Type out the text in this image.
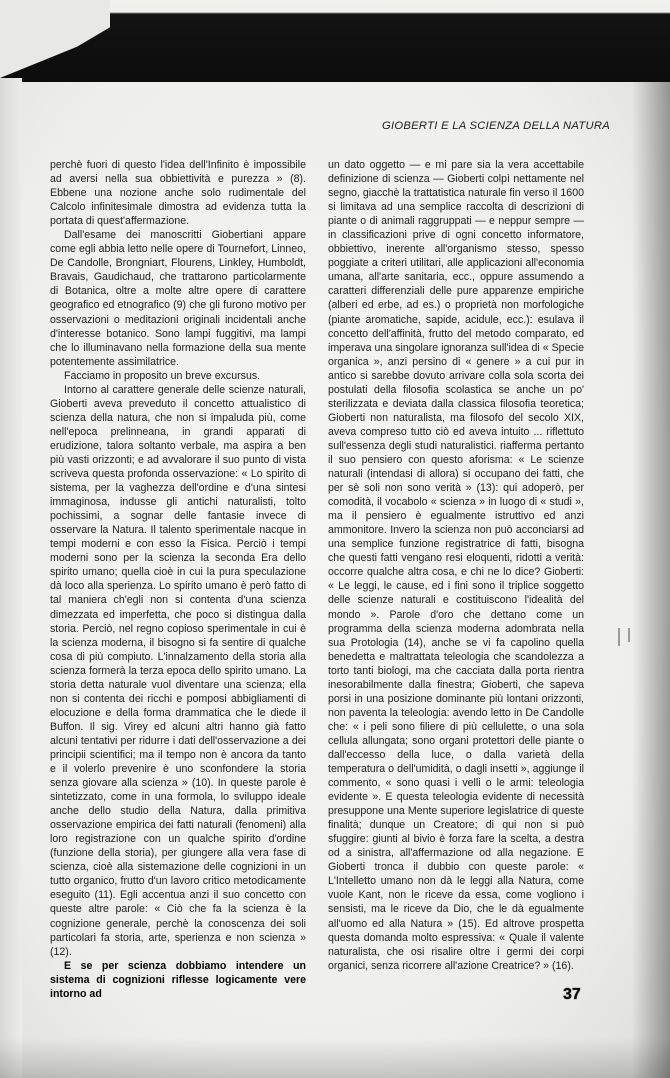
GIOBERTI E LA SCIENZA DELLA NATURA

perchè fuori di questo l'idea dell'Infinito è impossibile ad aversi nella sua obbiettività e purezza » (8). Ebbene una nozione anche solo rudimentale del Calcolo infinitesimale dimostra ad evidenza tutta la portata di quest'affermazione.

Dall'esame dei manoscritti Giobertiani appare come egli abbia letto nelle opere di Tournefort, Linneo, De Candolle, Brongniart, Flourens, Linkley, Humboldt, Bravais, Gaudichaud, che trattarono particolarmente di Botanica, oltre a molte altre opere di carattere geografico ed etnografico (9) che gli furono motivo per osservazioni o meditazioni originali incidentali anche d'interesse botanico. Sono lampi fuggitivi, ma lampi che lo illuminavano nella formazione della sua mente potentemente assimilatrice.

Facciamo in proposito un breve excursus.

Intorno al carattere generale delle scienze naturali, Gioberti aveva preveduto il concetto attualistico di scienza della natura, che non si impaluda più, come nell'epoca prelinneana, in grandi apparati di erudizione, talora soltanto verbale, ma aspira a ben più vasti orizzonti; e ad avvalorare il suo punto di vista scriveva questa profonda osservazione: « Lo spirito di sistema, per la vaghezza dell'ordine e d'una sintesi immaginosa, indusse gli antichi naturalisti, tolto pochissimi, a sognar delle fantasie invece di osservare la Natura. Il talento sperimentale nacque in tempi moderni e con esso la Fisica. Perciò i tempi moderni sono per la scienza la seconda Era dello spirito umano; quella cioè in cui la pura speculazione dà loco alla sperienza. Lo spirito umano è però fatto di tal maniera ch'egli non si contenta d'una scienza dimezzata ed imperfetta, che poco si distingua dalla storia. Perciò, nel regno copioso sperimentale in cui è la scienza moderna, il bisogno si fa sentire di qualche cosa di più compiuto. L'innalzamento della storia alla scienza formerà la terza epoca dello spirito umano. La storia detta naturale vuol diventare una scienza; ella non si contenta dei ricchi e pomposi abbigliamenti di elocuzione e della forma drammatica che le diede il Buffon. Il sig. Virey ed alcuni altri hanno già fatto alcuni tentativi per ridurre i dati dell'osservazione a dei principii scientifici; ma il tempo non è ancora da tanto e il volerlo prevenire è uno sconfondere la storia senza giovare alla scienza » (10). In queste parole è sintetizzato, come in una formola, lo sviluppo ideale anche dello studio della Natura, dalla primitiva osservazione empirica dei fatti naturali (fenomeni) alla loro registrazione con un qualche spirito d'ordine (funzione della storia), per giungere alla vera fase di scienza, cioè alla sistemazione delle cognizioni in un tutto organico, frutto d'un lavoro critico metodicamente eseguito (11). Egli accentua anzi il suo concetto con queste altre parole: « Ciò che fa la scienza è la cognizione generale, perchè la conoscenza dei soli particolari fa storia, arte, sperienza e non scienza » (12).

E se per scienza dobbiamo intendere un sistema di cognizioni riflesse logicamente vere intorno ad

un dato oggetto — e mi pare sia la vera accettabile definizione di scienza — Gioberti colpì nettamente nel segno, giacchè la trattatistica naturale fin verso il 1600 si limitava ad una semplice raccolta di descrizioni di piante o di animali raggruppati — e neppur sempre — in classificazioni prive di ogni concetto informatore, obbiettivo, inerente all'organismo stesso, spesso poggiate a criteri utilitari, alle applicazioni all'economia umana, all'arte sanitaria, ecc., oppure assumendo a caratteri differenziali delle pure apparenze empiriche (alberi ed erbe, ad es.) o proprietà non morfologiche (piante aromatiche, sapide, acidule, ecc.): esulava il concetto dell'affinità, frutto del metodo comparato, ed imperava una singolare ignoranza sull'idea di « Specie organica », anzi persino di « genere » a cui pur in antico si sarebbe dovuto arrivare colla sola scorta dei postulati della filosofia scolastica se anche un po' sterilizzata e deviata dalla classica filosofia teoretica; Gioberti non naturalista, ma filosofo del secolo XIX, aveva compreso tutto ciò ed aveva intuito ... riflettuto sull'essenza degli studi naturalistici. riafferma pertanto il suo pensiero con questo aforisma: « Le scienze naturali (intendasi di allora) si occupano dei fatti, che per sè soli non sono verità » (13): qui adoperò, per comodità, il vocabolo « scienza » in luogo di « studi », ma il pensiero è egualmente istruttivo ed anzi ammonitore. Invero la scienza non può acconciarsi ad una semplice funzione registratrice di fatti, bisogna che questi fatti vengano resi eloquenti, ridotti a verità: occorre qualche altra cosa, e chi ne lo dice? Gioberti: « Le leggi, le cause, ed i fini sono il triplice soggetto delle scienze naturali e costituiscono l'idealità del mondo ». Parole d'oro che dettano come un programma della scienza moderna adombrata nella sua Protologia (14), anche se vi fa capolino quella benedetta e maltrattata teleologia che scandolezza a torto tanti biologi, ma che cacciata dalla porta rientra inesorabilmente dalla finestra; Gioberti, che sapeva porsi in una posizione dominante più lontani orizzonti, non paventa la teleologia: avendo letto in De Candolle che: « i peli sono filiere di più cellulette, o una sola cellula allungata; sono organi protettori delle piante o dall'eccesso della luce, o dalla varietà della temperatura o dell'umidità, o dagli insetti », aggiunge il commento, « sono quasi i velli o le armi: teleologia evidente ». E questa teleologia evidente di necessità presuppone una Mente superiore legislatrice di queste finalità; dunque un Creatore; di qui non si può sfuggire: giunti al bivio è forza fare la scelta, a destra od a sinistra, all'affermazione od alla negazione. E Gioberti tronca il dubbio con queste parole: « L'Intelletto umano non dà le leggi alla Natura, come vuole Kant, non le riceve da essa, come vogliono i sensisti, ma le riceve da Dio, che le dà egualmente all'uomo ed alla Natura » (15). Ed altrove prospetta questa domanda molto espressiva: « Quale il valente naturalista, che osi risalire oltre i germi dei corpi organici, senza ricorrere all'azione Creatrice? » (16).

37
